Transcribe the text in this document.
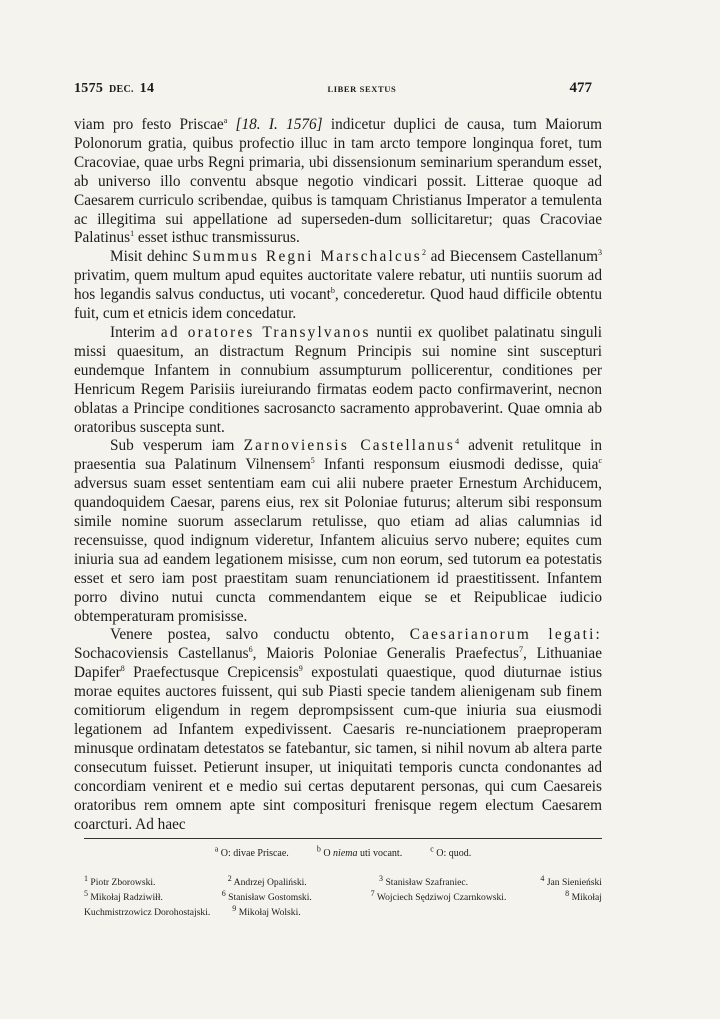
1575 DEC. 14	LIBER SEXTUS	477

viam pro festo Priscae$^a$ [18. I. 1576] indicetur duplici de causa, tum Maiorum Polonorum gratia, quibus profectio illuc in tam arcto tempore longinqua foret, tum Cracoviae, quae urbs Regni primaria, ubi dissensionum seminarium sperandum esset, ab universo illo conventu absque negotio vindicari possit. Litterae quoque ad Caesarem curriculo scribendae, quibus is tamquam Christianus Imperator a temulenta ac illegitima sui appellatione ad superseden-dum sollicitaretur; quas Cracoviae Palatinus$^1$ esset isthuc transmissurus.

Misit dehinc Summus Regni Marschalcus$^2$ ad Biecensem Castellanum$^3$ privatim, quem multum apud equites auctoritate valere rebatur, uti nuntiis suorum ad hos legandis salvus conductus, uti vocant$^b$, concederetur. Quod haud difficile obtentu fuit, cum et etnicis idem concedatur.

Interim ad oratores Transylvanos nuntii ex quolibet palatinatu singuli missi quaesitum, an distractum Regnum Principis sui nomine sint suscepturi eundemque Infantem in connubium assumpturum pollicerentur, conditiones per Henricum Regem Parisiis iureiurando firmatas eodem pacto confirmaverint, necnon oblatas a Principe conditiones sacrosancto sacramento approbaverint. Quae omnia ab oratoribus suscepta sunt.

Sub vesperum iam Zarnoviensis Castellanus$^4$ advenit retulitque in praesentia sua Palatinum Vilnensem$^5$ Infanti responsum eiusmodi dedisse, quia$^c$ adversus suam esset sententiam eam cui alii nubere praeter Ernestum Archiducem, quandoquidem Caesar, parens eius, rex sit Poloniae futurus; alterum sibi responsum simile nomine suorum asseclarum retulisse, quo etiam ad alias calumnias id recensuisse, quod indignum videretur, Infantem alicuius servo nubere; equites cum iniuria sua ad eandem legationem misisse, cum non eorum, sed tutorum ea potestatis esset et sero iam post praestitam suam renunciationem id praestitissent. Infantem porro divino nutui cuncta commendantem eique se et Reipublicae iudicio obtemperaturam promisisse.

Venere postea, salvo conductu obtento, Caesarianorum legati: Sochacoviensis Castellanus$^6$, Maioris Poloniae Generalis Praefectus$^7$, Lithuaniae Dapifer$^8$ Praefectusque Crepicensis$^9$ expostulati quaestique, quod diuturnae istius morae equites auctores fuissent, qui sub Piasti specie tandem alienigenam sub finem comitiorum eligendum in regem deprompsissent cum-que iniuria sua eiusmodi legationem ad Infantem expedivissent. Caesaris re-nunciationem praeproperam minusque ordinatam detestatos se fatebantur, sic tamen, si nihil novum ab altera parte consecutum fuisset. Petierunt insuper, ut iniquitati temporis cuncta condonantes ad concordiam venirent et e medio sui certas deputarent personas, qui cum Caesareis oratoribus rem omnem apte sint composituri frenisque regem electum Caesarem coarcturi. Ad haec

$^a$ O: divae Priscae.	$^b$ O niema uti vocant.	$^c$ O: quod.
$^1$ Piotr Zborowski.	$^2$ Andrzej Opaliński.	$^3$ Stanisław Szafraniec.	$^4$ Jan Sienieński
$^5$ Mikołaj Radziwiłł.	$^6$ Stanisław Gostomski.	$^7$ Wojciech Sędziwoj Czarnkowski.	$^8$ Mikołaj
Kuchmistrzowicz Dorohostajski.	$^9$ Mikołaj Wolski.
